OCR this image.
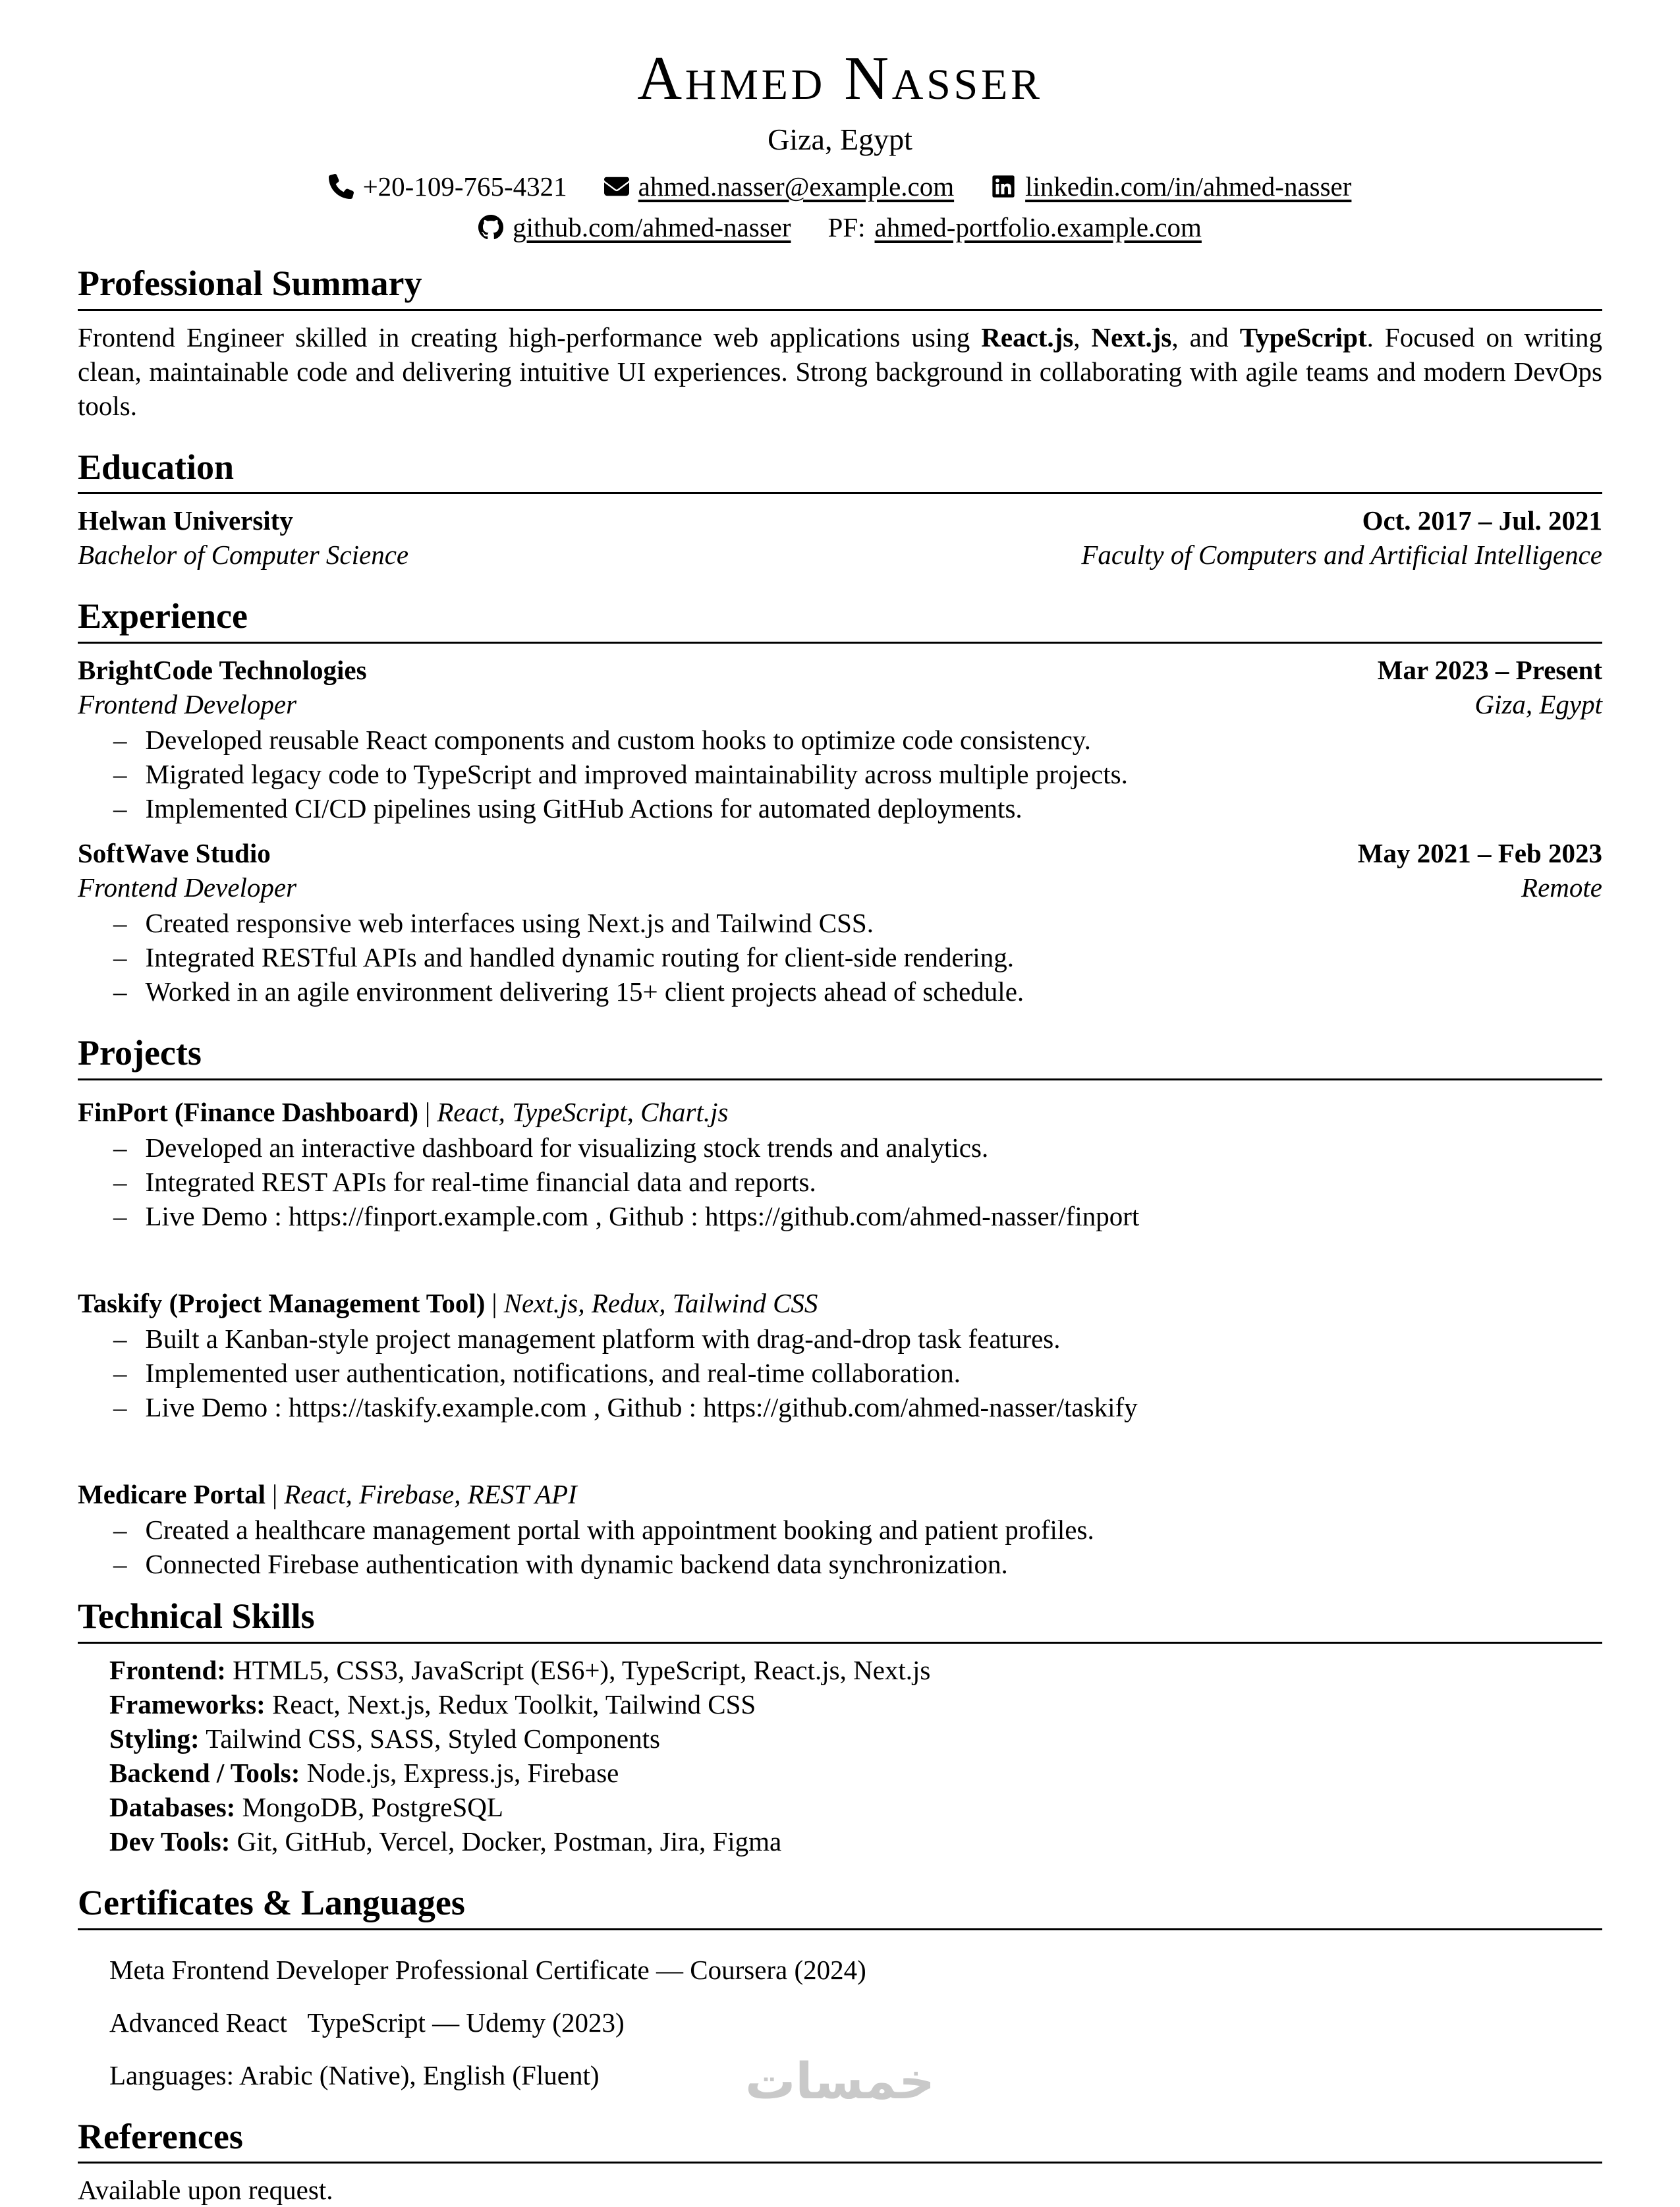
Ahmed Nasser
Giza, Egypt
+20-109-765-4321	ahmed.nasser@example.com	linkedin.com/in/ahmed-nasser
github.com/ahmed-nasser PF: ahmed-portfolio.example.com
Professional Summary

Frontend Engineer skilled in creating high-performance web applications using React.js, Next.js, and TypeScript. Focused on writing clean, maintainable code and delivering intuitive UI experiences. Strong background in collaborating with agile teams and modern DevOps tools.

Education
Helwan University	Oct. 2017 – Jul. 2021
Bachelor of Computer Science	Faculty of Computers and Artificial Intelligence
Experience
BrightCode Technologies	Mar 2023 – Present
Frontend Developer	Giza, Egypt
– Developed reusable React components and custom hooks to optimize code consistency.
– Migrated legacy code to TypeScript and improved maintainability across multiple projects.
– Implemented CI/CD pipelines using GitHub Actions for automated deployments.
SoftWave Studio	May 2021 – Feb 2023
Frontend Developer	Remote
– Created responsive web interfaces using Next.js and Tailwind CSS.
– Integrated RESTful APIs and handled dynamic routing for client-side rendering.
– Worked in an agile environment delivering 15+ client projects ahead of schedule.
Projects
FinPort (Finance Dashboard) | React, TypeScript, Chart.js
– Developed an interactive dashboard for visualizing stock trends and analytics.
– Integrated REST APIs for real-time financial data and reports.
– Live Demo : https://finport.example.com , Github : https://github.com/ahmed-nasser/finport
Taskify (Project Management Tool) | Next.js, Redux, Tailwind CSS
– Built a Kanban-style project management platform with drag-and-drop task features.
– Implemented user authentication, notifications, and real-time collaboration.
– Live Demo : https://taskify.example.com , Github : https://github.com/ahmed-nasser/taskify
Medicare Portal | React, Firebase, REST API
– Created a healthcare management portal with appointment booking and patient profiles.
– Connected Firebase authentication with dynamic backend data synchronization.
Technical Skills
Frontend: HTML5, CSS3, JavaScript (ES6+), TypeScript, React.js, Next.js
Frameworks: React, Next.js, Redux Toolkit, Tailwind CSS
Styling: Tailwind CSS, SASS, Styled Components
Backend / Tools: Node.js, Express.js, Firebase
Databases: MongoDB, PostgreSQL
Dev Tools: Git, GitHub, Vercel, Docker, Postman, Jira, Figma
Certificates & Languages
Meta Frontend Developer Professional Certificate — Coursera (2024)
Advanced React  TypeScript — Udemy (2023)
Languages: Arabic (Native), English (Fluent)
References
Available upon request.
خمسات
